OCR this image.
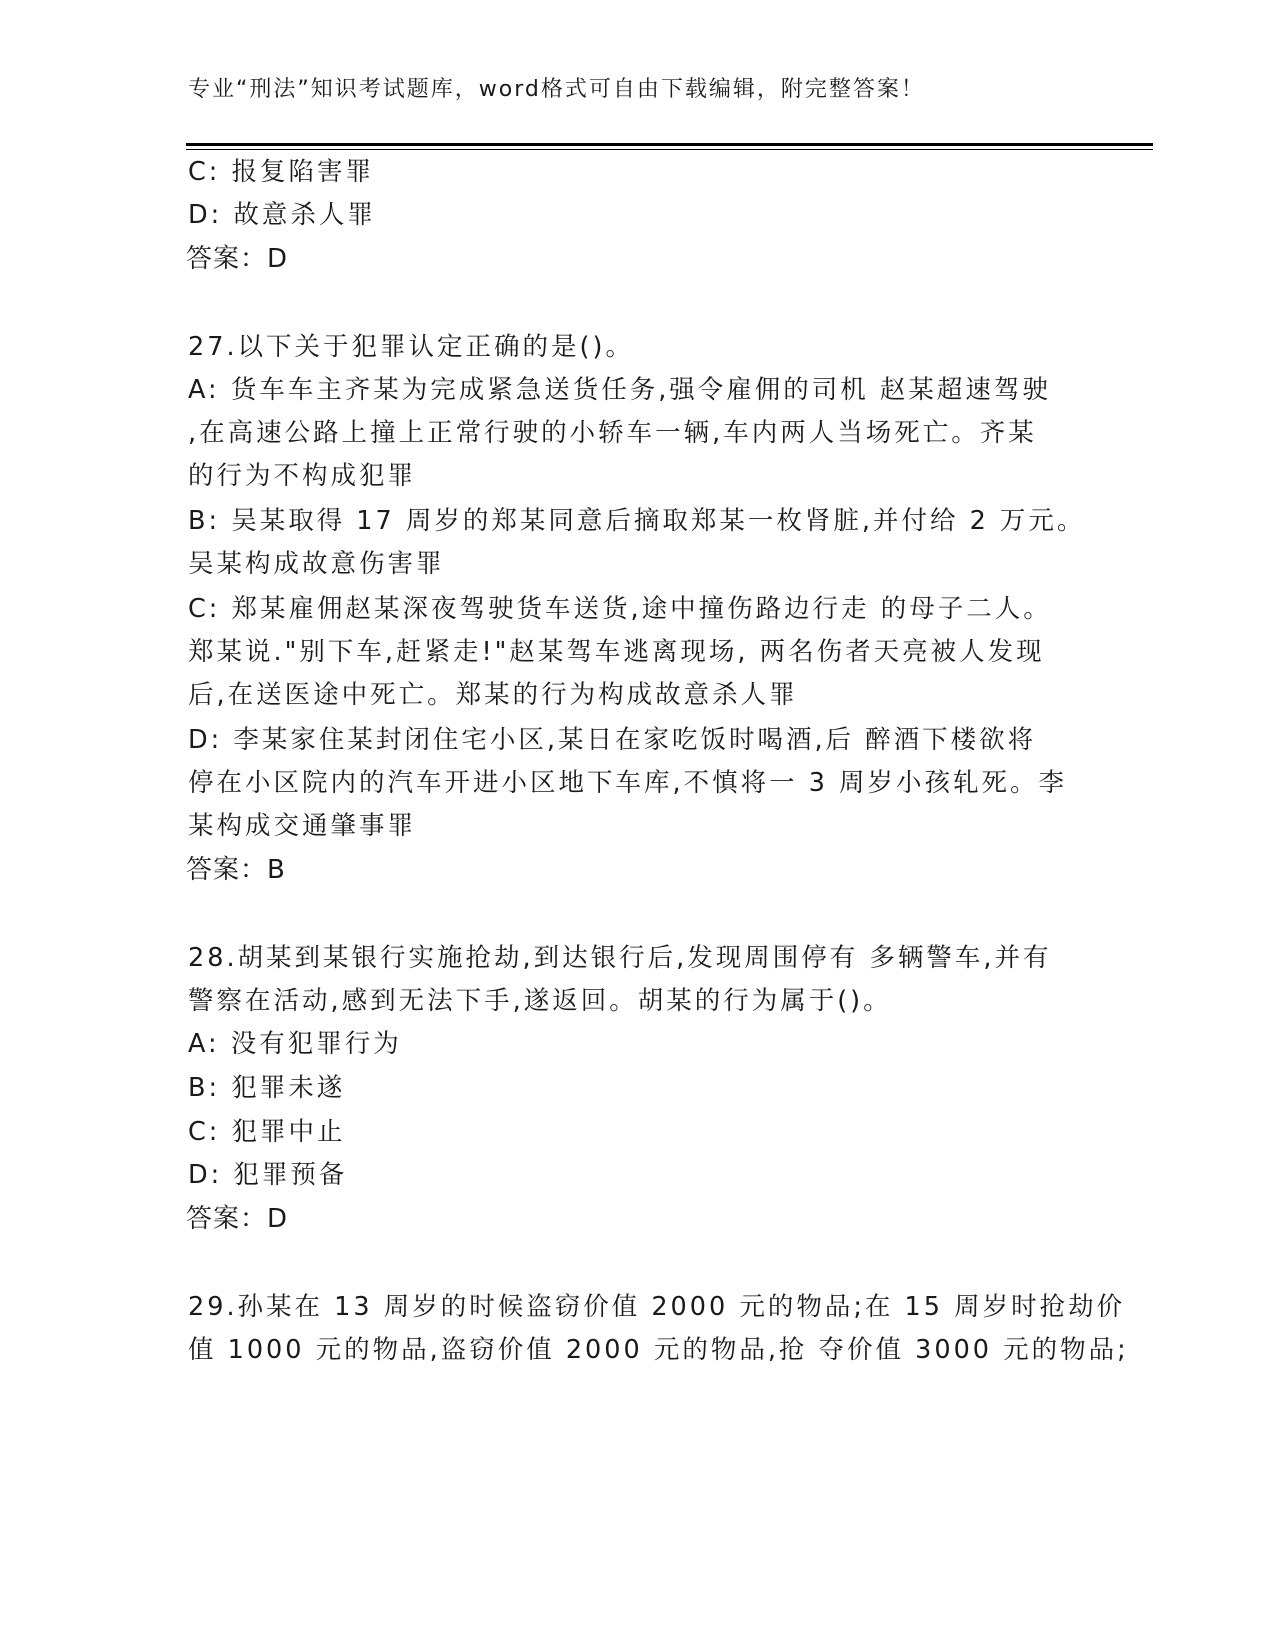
专业“刑法”知识考试题库，word格式可自由下载编辑，附完整答案！
C: 报复陷害罪
D: 故意杀人罪
答案：D
27.以下关于犯罪认定正确的是()。
A: 货车车主齐某为完成紧急送货任务,强令雇佣的司机 赵某超速驾驶
,在高速公路上撞上正常行驶的小轿车一辆,车内两人当场死亡。齐某
的行为不构成犯罪
B: 吴某取得 17 周岁的郑某同意后摘取郑某一枚肾脏,并付给 2 万元。
吴某构成故意伤害罪
C: 郑某雇佣赵某深夜驾驶货车送货,途中撞伤路边行走 的母子二人。
郑某说."别下车,赶紧走!"赵某驾车逃离现场, 两名伤者天亮被人发现
后,在送医途中死亡。郑某的行为构成故意杀人罪
D: 李某家住某封闭住宅小区,某日在家吃饭时喝酒,后 醉酒下楼欲将
停在小区院内的汽车开进小区地下车库,不慎将一 3 周岁小孩轧死。李
某构成交通肇事罪
答案：B
28.胡某到某银行实施抢劫,到达银行后,发现周围停有 多辆警车,并有
警察在活动,感到无法下手,遂返回。胡某的行为属于()。
A: 没有犯罪行为
B: 犯罪未遂
C: 犯罪中止
D: 犯罪预备
答案：D
29.孙某在 13 周岁的时候盗窃价值 2000 元的物品;在 15 周岁时抢劫价
值 1000 元的物品,盗窃价值 2000 元的物品,抢 夺价值 3000 元的物品;
